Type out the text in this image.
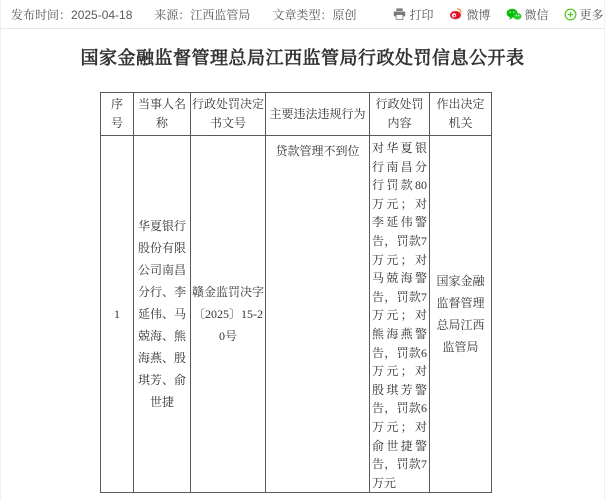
发布时间：2025-04-18 来源：江西监管局 文章类型：原创	打印	微博	微信	更多
国家金融监督管理总局江西监管局行政处罚信息公开表
序号	当事人名称	行政处罚决定书文号	主要违法违规行为	行政处罚内容	作出决定机关
1	华夏银行股份有限公司南昌分行、李延伟、马兢海、熊海燕、殷琪芳、俞世捷	赣金监罚决字〔2025〕15-20号	贷款管理不到位	对华夏银行南昌分行罚款80万元；对李延伟警告，罚款7万元；对马兢海警告，罚款7万元；对熊海燕警告，罚款6万元；对殷琪芳警告，罚款6万元；对俞世捷警告，罚款7万元	国家金融监督管理总局江西监管局
